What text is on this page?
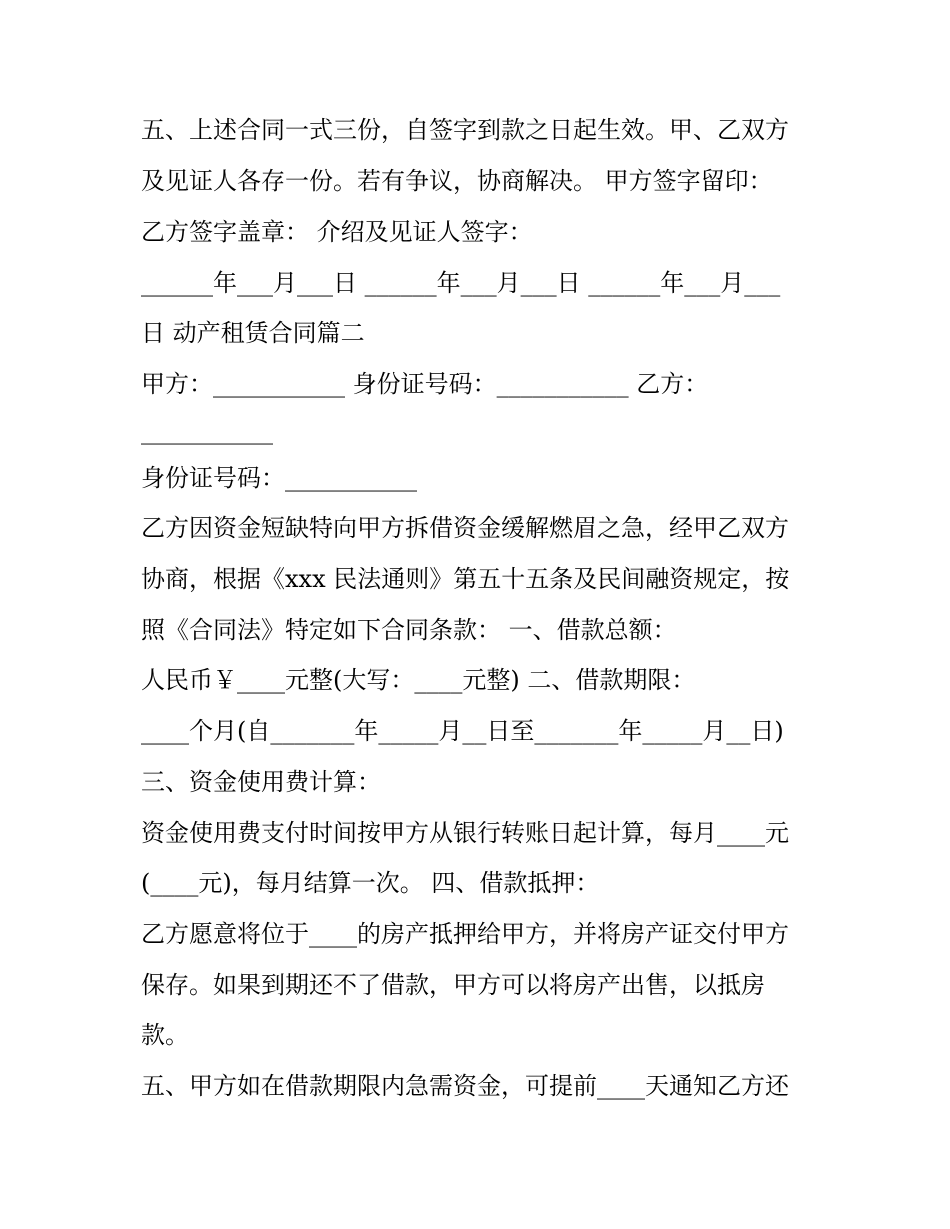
五、上述合同一式三份，自签字到款之日起生效。甲、乙双方
及见证人各存一份。若有争议，协商解决。 甲方签字留印：
乙方签字盖章： 介绍及见证人签字：
______年___月___日 ______年___月___日 ______年___月___
日 动产租赁合同篇二
甲方：___________ 身份证号码：___________ 乙方：
___________
身份证号码：___________
乙方因资金短缺特向甲方拆借资金缓解燃眉之急，经甲乙双方
协商，根据《xxx 民法通则》第五十五条及民间融资规定，按
照《合同法》特定如下合同条款： 一、借款总额：
人民币￥____元整(大写：____元整) 二、借款期限：
____个月(自_______年_____月__日至_______年_____月__日)
三、资金使用费计算：
资金使用费支付时间按甲方从银行转账日起计算，每月____元
(____元)，每月结算一次。 四、借款抵押：
乙方愿意将位于____的房产抵押给甲方，并将房产证交付甲方
保存。如果到期还不了借款，甲方可以将房产出售，以抵房
款。
五、甲方如在借款期限内急需资金，可提前____天通知乙方还
